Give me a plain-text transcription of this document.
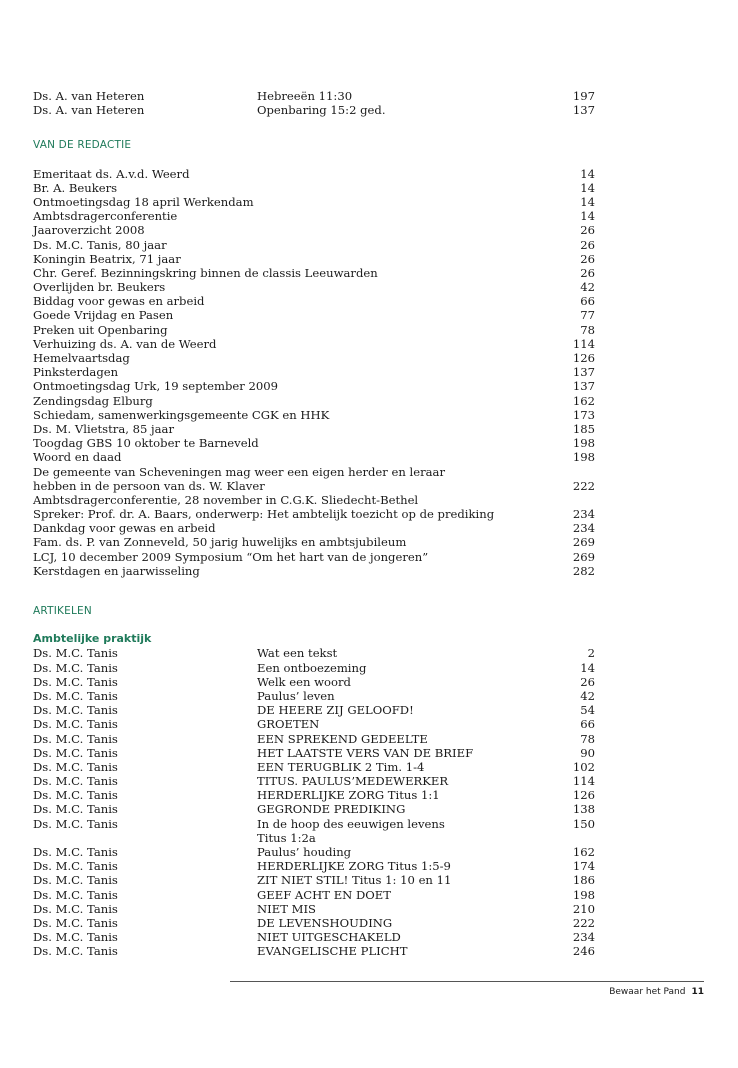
Ds. A. van Heteren	Hebreeën 11:30	197
Ds. A. van Heteren	Openbaring 15:2 ged.	137
VAN DE REDACTIE
Emeritaat ds. A.v.d. Weerd	14
Br. A. Beukers	14
Ontmoetingsdag 18 april Werkendam	14
Ambtsdragerconferentie	14
Jaaroverzicht 2008	26
Ds. M.C. Tanis, 80 jaar	26
Koningin Beatrix, 71 jaar	26
Chr. Geref. Bezinningskring binnen de classis Leeuwarden	26
Overlijden br. Beukers	42
Biddag voor gewas en arbeid	66
Goede Vrijdag en Pasen	77
Preken uit Openbaring	78
Verhuizing ds. A. van de Weerd	114
Hemelvaartsdag	126
Pinksterdagen	137
Ontmoetingsdag Urk, 19 september 2009	137
Zendingsdag Elburg	162
Schiedam, samenwerkingsgemeente CGK en HHK	173
Ds. M. Vlietstra, 85 jaar	185
Toogdag GBS 10 oktober te Barneveld	198
Woord en daad	198
De gemeente van Scheveningen mag weer een eigen herder en leraar
hebben in de persoon van ds. W. Klaver	222
Ambtsdragerconferentie, 28 november in C.G.K. Sliedecht-Bethel
Spreker: Prof. dr. A. Baars, onderwerp: Het ambtelijk toezicht op de prediking	234
Dankdag voor gewas en arbeid	234
Fam. ds. P. van Zonneveld, 50 jarig huwelijks en ambtsjubileum	269
LCJ, 10 december 2009 Symposium “Om het hart van de jongeren”	269
Kerstdagen en jaarwisseling	282
ARTIKELEN
Ambtelijke praktijk
Ds. M.C. Tanis	Wat een tekst	2
Ds. M.C. Tanis	Een ontboezeming	14
Ds. M.C. Tanis	Welk een woord	26
Ds. M.C. Tanis	Paulus’ leven	42
Ds. M.C. Tanis	DE HEERE ZIJ GELOOFD!	54
Ds. M.C. Tanis	GROETEN	66
Ds. M.C. Tanis	EEN SPREKEND GEDEELTE	78
Ds. M.C. Tanis	HET LAATSTE VERS VAN DE BRIEF	90
Ds. M.C. Tanis	EEN TERUGBLIK 2 Tim. 1-4	102
Ds. M.C. Tanis	TITUS. PAULUS’MEDEWERKER	114
Ds. M.C. Tanis	HERDERLIJKE ZORG Titus 1:1	126
Ds. M.C. Tanis	GEGRONDE PREDIKING	138
Ds. M.C. Tanis	In de hoop des eeuwigen levens	150
Titus 1:2a
Ds. M.C. Tanis	Paulus’ houding	162
Ds. M.C. Tanis	HERDERLIJKE ZORG Titus 1:5-9	174
Ds. M.C. Tanis	ZIT NIET STIL! Titus 1: 10 en 11	186
Ds. M.C. Tanis	GEEF ACHT EN DOET	198
Ds. M.C. Tanis	NIET MIS	210
Ds. M.C. Tanis	DE LEVENSHOUDING	222
Ds. M.C. Tanis	NIET UITGESCHAKELD	234
Ds. M.C. Tanis	EVANGELISCHE PLICHT	246
Bewaar het Pand 11
